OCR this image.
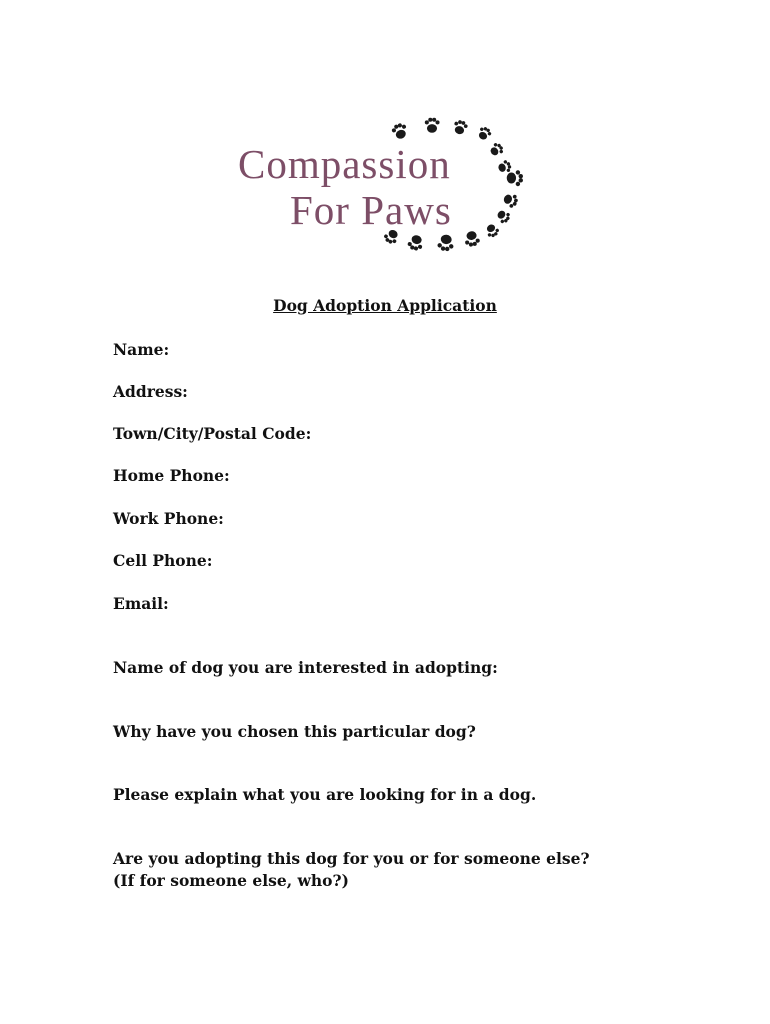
Compassion
For Paws
Dog Adoption Application
Name:
Address:
Town/City/Postal Code:
Home Phone:
Work Phone:
Cell Phone:
Email:
Name of dog you are interested in adopting:
Why have you chosen this particular dog?
Please explain what you are looking for in a dog.
Are you adopting this dog for you or for someone else?
(If for someone else, who?)
